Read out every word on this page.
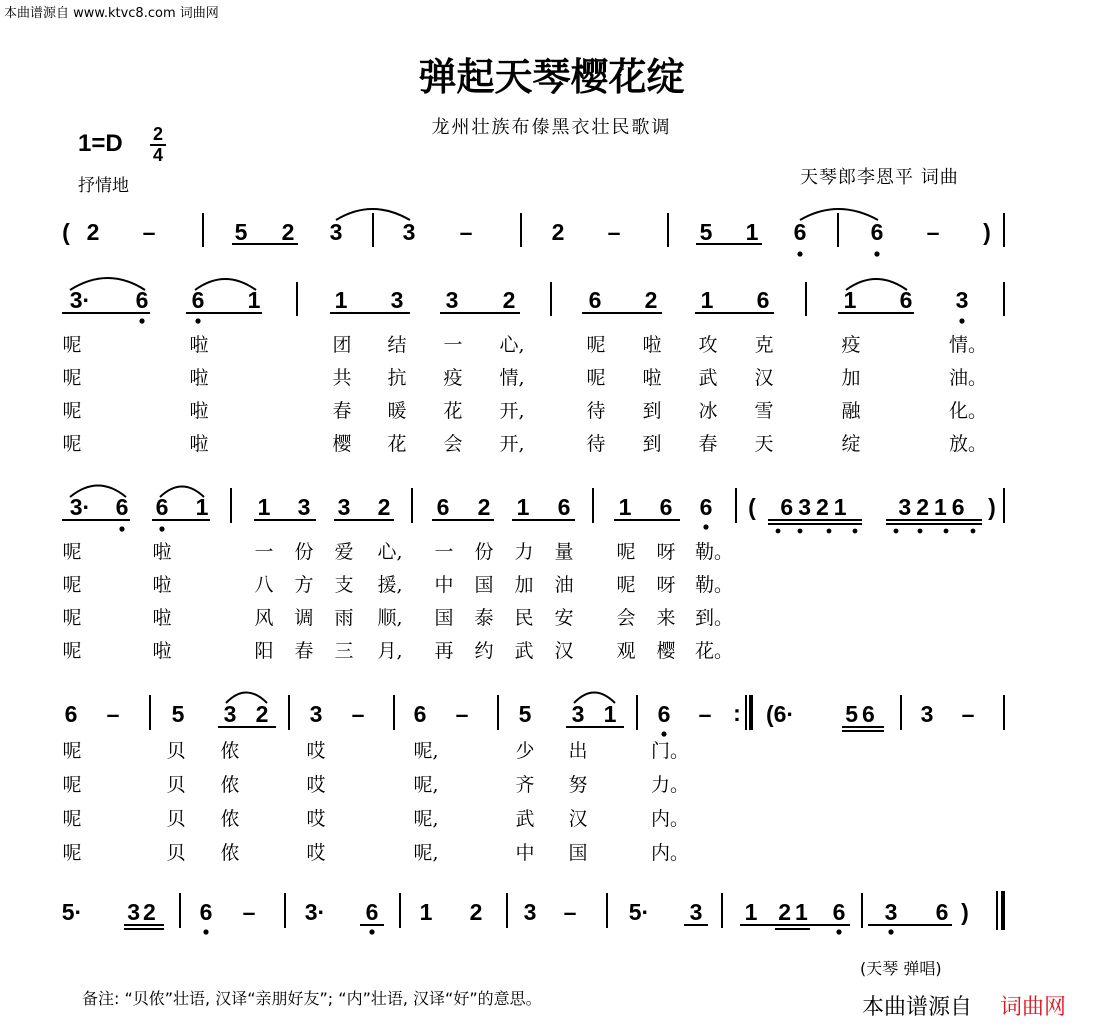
本曲谱源自 www.ktvc8.com 词曲网
弹起天琴樱花绽
龙州壮族布傣黑衣壮民歌调
1=D 2
4
抒情地	天琴郎李恩平 词曲
( 2 –	5 2 3	3 –	2 –	5 1 6	6 – )
3· 6 6 1	1 3 3 2	6 2 1 6	1 6 3
呢	啦	团 结 一 心,	呢 啦 攻 克	疫	情。
呢	啦	共 抗 疫 情,	呢 啦 武 汉	加	油。
呢	啦	春 暖 花 开,	待 到 冰 雪	融	化。
呢	啦	樱 花 会 开,	待 到 春 天	绽	放。
3· 6 6 1 1 3 3 2 6 2 1 6 1 6 6 ( 6321 3216 )
呢	啦	一 份 爱 心, 一 份 力 量 呢 呀 勒。
呢	啦	八 方 支 援, 中 国 加 油 呢 呀 勒。
呢	啦	风 调 雨 顺, 国 泰 民 安 会 来 到。
呢	啦	阳 春 三 月, 再 约 武 汉 观 樱 花。
6 – 5 3 2 3 – 6 – 5 3 1 6 – : (6· 56 3 –
呢	贝 侬	哎	呢,	少 出	门。
呢	贝 侬	哎	呢,	齐 努	力。
呢	贝 侬	哎	呢,	武 汉	内。
呢	贝 侬	哎	呢,	中 国	内。
5· 32 6 – 3· 6 1 2 3 – 5· 3 1 21 6 3 6 )
(天琴 弹唱)
备注: “贝侬”壮语, 汉译“亲朋好友”; “内”壮语, 汉译“好”的意思。	本曲谱源自 词曲网
